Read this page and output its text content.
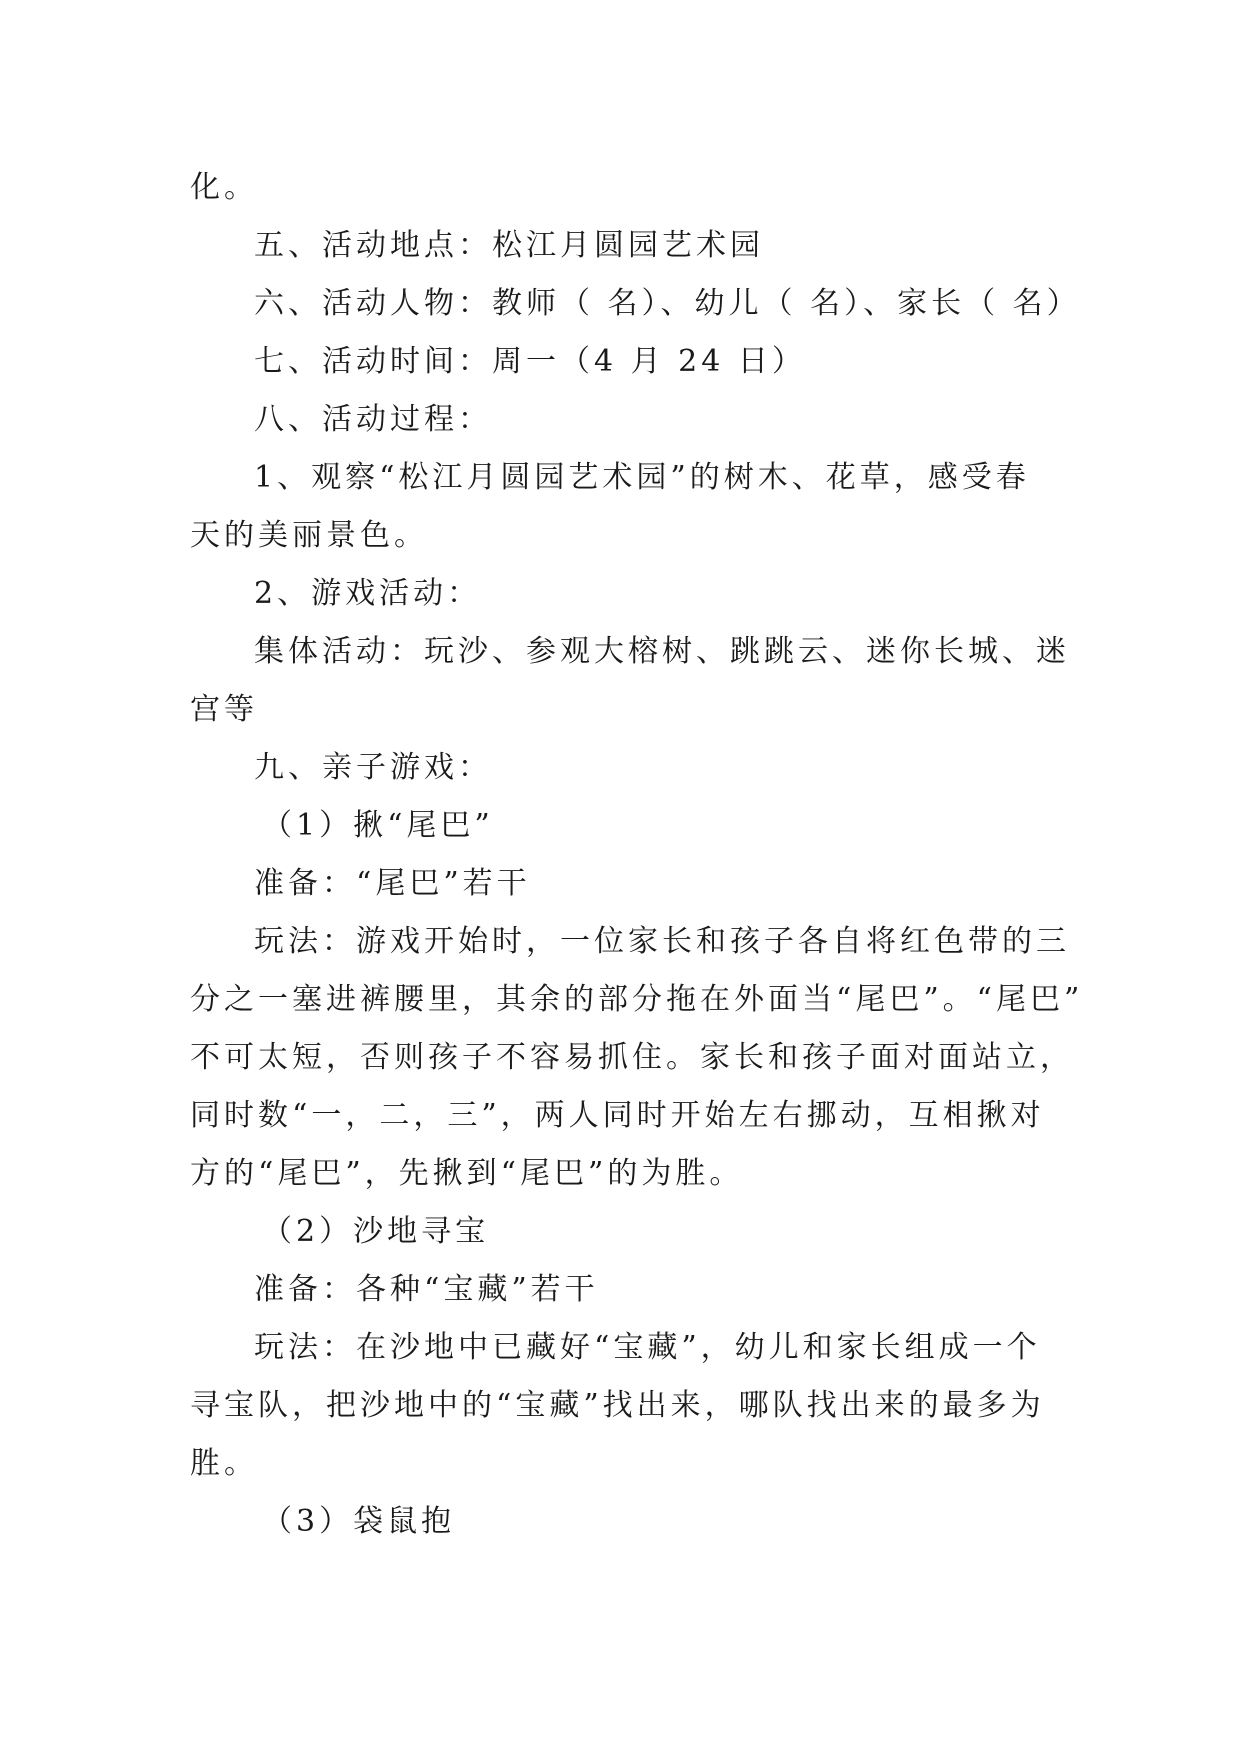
化。
五、活动地点：松江月圆园艺术园
六、活动人物：教师（ 名）、幼儿（ 名）、家长（ 名）
七、活动时间：周一（4 月 24 日）
八、活动过程：
1、观察“松江月圆园艺术园”的树木、花草，感受春
天的美丽景色。
2、游戏活动：
集体活动：玩沙、参观大榕树、跳跳云、迷你长城、迷
宫等
九、亲子游戏：
（1）揪“尾巴”
准备：“尾巴”若干
玩法：游戏开始时，一位家长和孩子各自将红色带的三
分之一塞进裤腰里，其余的部分拖在外面当“尾巴”。“尾巴”
不可太短，否则孩子不容易抓住。家长和孩子面对面站立，
同时数“一，二，三”，两人同时开始左右挪动，互相揪对
方的“尾巴”，先揪到“尾巴”的为胜。
（2）沙地寻宝
准备：各种“宝藏”若干
玩法：在沙地中已藏好“宝藏”，幼儿和家长组成一个
寻宝队，把沙地中的“宝藏”找出来，哪队找出来的最多为
胜。
（3）袋鼠抱
